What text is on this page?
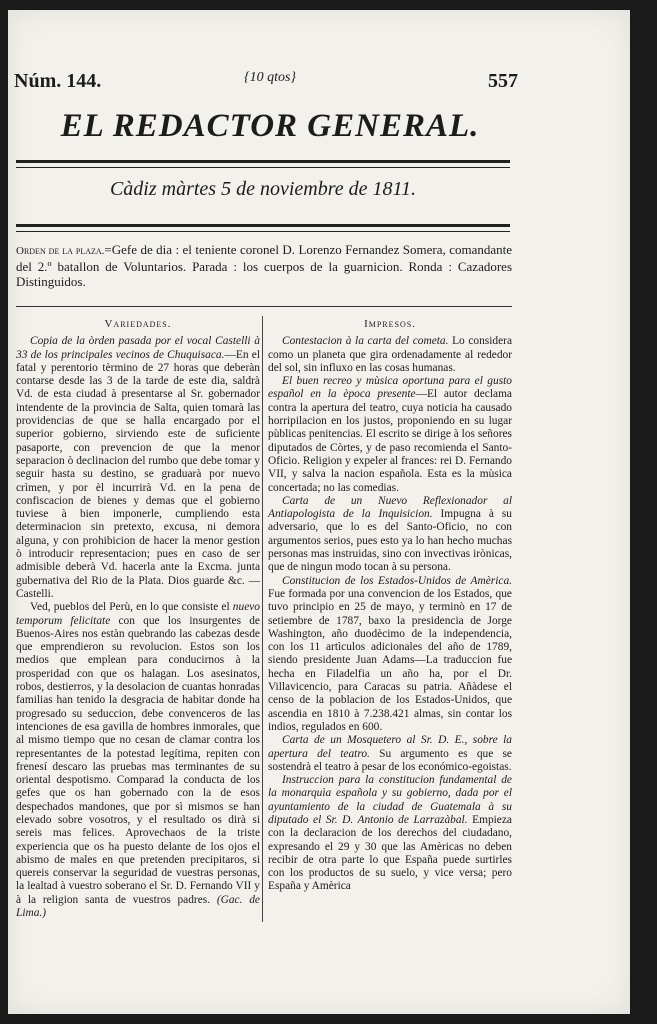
Núm. 144.	{10 qtos}	557
EL REDACTOR GENERAL.
Càdiz màrtes 5 de noviembre de 1811.
Orden de la plaza.=Gefe de dia : el teniente coronel D. Lorenzo Fernandez Somera, comandante del 2.º batallon de Voluntarios. Parada : los cuerpos de la guarnicion. Ronda : Cazadores Distinguidos.
Variedades.

Copia de la òrden pasada por el vocal Castelli à 33 de los principales vecinos de Chuquisaca.—En el fatal y perentorio tèrmino de 27 horas que deberàn contarse desde las 3 de la tarde de este dia, saldrà Vd. de esta ciudad à presentarse al Sr. gobernador intendente de la provincia de Salta, quien tomarà las providencias de que se halla encargado por el superior gobierno, sirviendo este de suficiente pasaporte, con prevencion de que la menor separacion ò declinacion del rumbo que debe tomar y seguir hasta su destino, se graduarà por nuevo crìmen, y por èl incurrirà Vd. en la pena de confiscacion de bienes y demas que el gobierno tuviese à bien imponerle, cumpliendo esta determinacion sin pretexto, excusa, ni demora alguna, y con prohibicion de hacer la menor gestion ò introducir representacion; pues en caso de ser admisible deberà Vd. hacerla ante la Excma. junta gubernativa del Rio de la Plata. Dios guarde &c. — Castelli.

Ved, pueblos del Perù, en lo que consiste el nuevo temporum felicitate con que los insurgentes de Buenos-Aires nos estàn quebrando las cabezas desde que emprendieron su revolucion. Estos son los medios que emplean para conducirnos à la prosperidad con que os halagan. Los asesinatos, robos, destierros, y la desolacion de cuantas honradas familias han tenido la desgracia de habitar donde ha progresado su seduccion, debe convenceros de las intenciones de esa gavilla de hombres inmorales, que al mismo tiempo que no cesan de clamar contra los representantes de la potestad legítima, repiten con frenesí descaro las pruebas mas terminantes de su oriental despotismo. Comparad la conducta de los gefes que os han gobernado con la de esos despechados mandones, que por sì mismos se han elevado sobre vosotros, y el resultado os dirà si sereis mas felices. Aprovechaos de la triste experiencia que os ha puesto delante de los ojos el abismo de males en que pretenden precipitaros, si quereis conservar la seguridad de vuestras personas, la lealtad à vuestro soberano el Sr. D. Fernando VII y à la religion santa de vuestros padres. (Gac. de Lima.)

Impresos.

Contestacion à la carta del cometa. Lo considera como un planeta que gira ordenadamente al rededor del sol, sin influxo en las cosas humanas.

El buen recreo y mùsica oportuna para el gusto español en la època presente—El autor declama contra la apertura del teatro, cuya noticia ha causado horripilacion en los justos, proponiendo en su lugar pùblicas penitencias. El escrito se dirige à los señores diputados de Còrtes, y de paso recomienda el Santo-Oficio. Religion y expeler al frances: rei D. Fernando VII, y salva la nacion española. Esta es la mùsica concertada; no las comedias.

Carta de un Nuevo Reflexionador al Antiapologista de la Inquisicion. Impugna à su adversario, que lo es del Santo-Oficio, no con argumentos serios, pues esto ya lo han hecho muchas personas mas instruidas, sino con invectivas irònicas, que de ningun modo tocan à su persona.

Constitucion de los Estados-Unidos de Amèrica. Fue formada por una convencion de los Estados, que tuvo principio en 25 de mayo, y terminò en 17 de setiembre de 1787, baxo la presidencia de Jorge Washington, año duodècimo de la independencia, con los 11 artìculos adicionales del año de 1789, siendo presidente Juan Adams—La traduccion fue hecha en Filadelfia un año ha, por el Dr. Villavicencio, para Caracas su patria. Añàdese el censo de la poblacion de los Estados-Unidos, que ascendia en 1810 à 7.238.421 almas, sin contar los indios, regulados en 600.

Carta de un Mosquetero al Sr. D. E., sobre la apertura del teatro. Su argumento es que se sostendrà el teatro à pesar de los económico-egoistas.

Instruccion para la constitucion fundamental de la monarquìa española y su gobierno, dada por el ayuntamiento de la ciudad de Guatemala à su diputado el Sr. D. Antonio de Larrazàbal. Empieza con la declaracion de los derechos del ciudadano, expresando el 29 y 30 que las Amèricas no deben recibir de otra parte lo que España puede surtirles con los productos de su suelo, y vice versa; pero España y Amèrica
